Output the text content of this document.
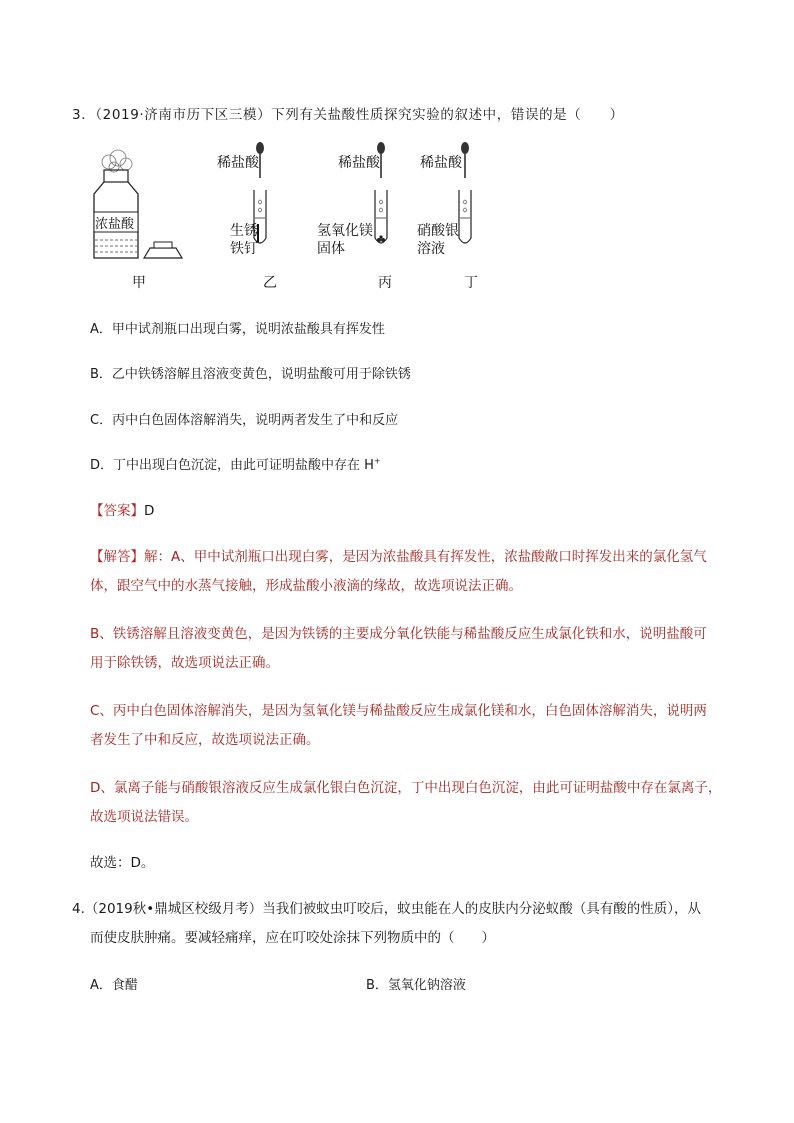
3．（2019·济南市历下区三模）下列有关盐酸性质探究实验的叙述中，错误的是（　　）
浓盐酸
稀盐酸	稀盐酸	稀盐酸
生锈
铁钉
氢氧化镁
固体
硝酸银
溶液
甲	乙	丙	丁
A．甲中试剂瓶口出现白雾，说明浓盐酸具有挥发性
B．乙中铁锈溶解且溶液变黄色，说明盐酸可用于除铁锈
C．丙中白色固体溶解消失，说明两者发生了中和反应
D．丁中出现白色沉淀，由此可证明盐酸中存在 H+
【答案】D
【解答】解：A、甲中试剂瓶口出现白雾，是因为浓盐酸具有挥发性，浓盐酸敞口时挥发出来的氯化氢气
体，跟空气中的水蒸气接触，形成盐酸小液滴的缘故，故选项说法正确。
B、铁锈溶解且溶液变黄色，是因为铁锈的主要成分氧化铁能与稀盐酸反应生成氯化铁和水，说明盐酸可
用于除铁锈，故选项说法正确。
C、丙中白色固体溶解消失，是因为氢氧化镁与稀盐酸反应生成氯化镁和水，白色固体溶解消失，说明两
者发生了中和反应，故选项说法正确。
D、氯离子能与硝酸银溶液反应生成氯化银白色沉淀，丁中出现白色沉淀，由此可证明盐酸中存在氯离子，
故选项说法错误。
故选：D。
4.（2019秋•鼎城区校级月考）当我们被蚊虫叮咬后，蚊虫能在人的皮肤内分泌蚁酸（具有酸的性质），从
而使皮肤肿痛。要减轻痛痒，应在叮咬处涂抹下列物质中的（　　）
A．食醋	B．氢氧化钠溶液
